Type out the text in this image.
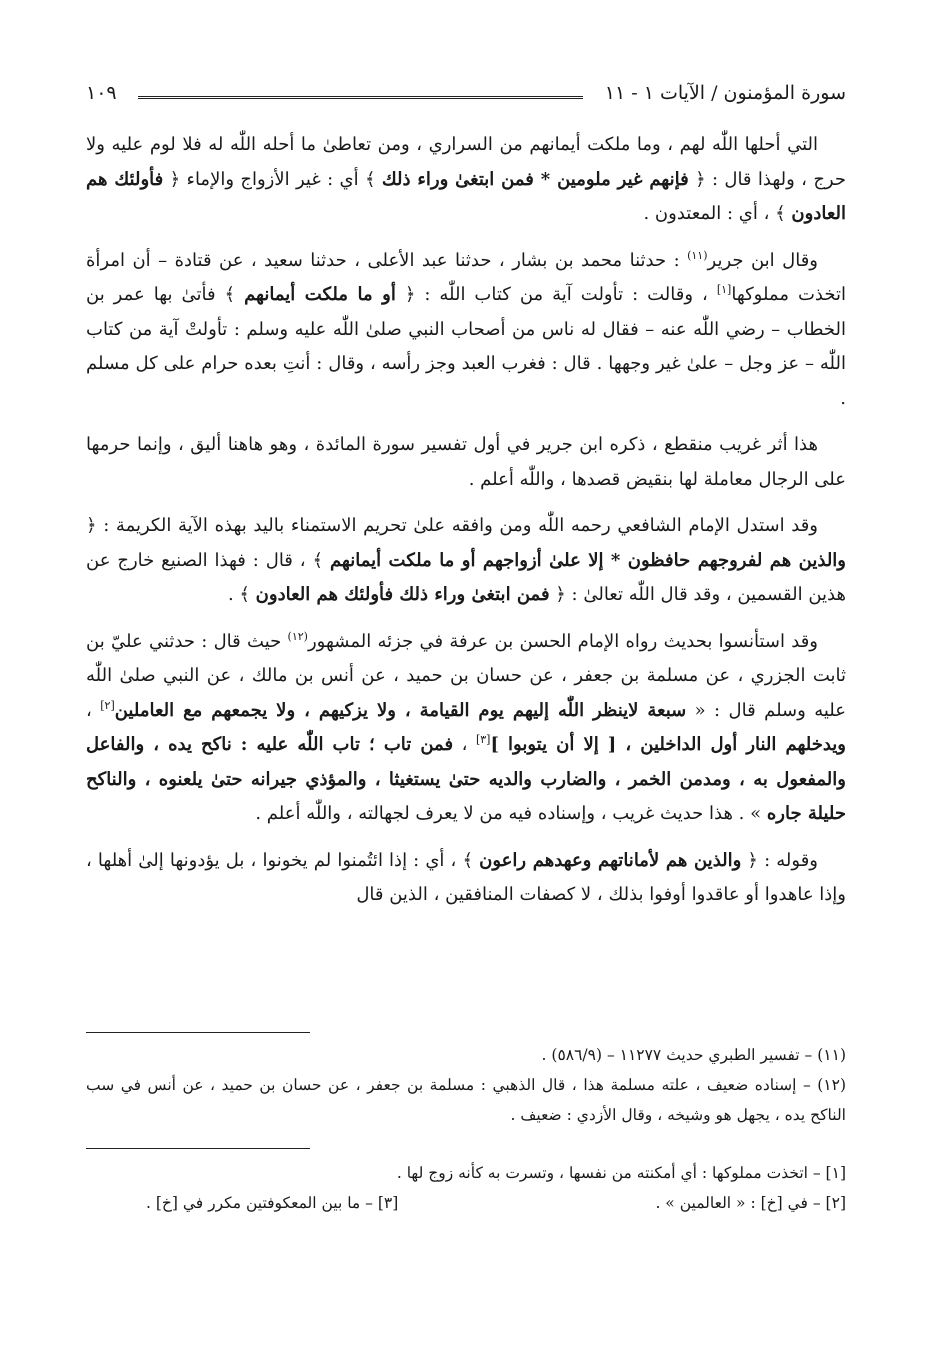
سورة المؤمنون / الآيات ١ - ١١
١٠٩

التي أحلها اللّٰه لهم ، وما ملكت أيمانهم من السراري ، ومن تعاطىٰ ما أحله اللّٰه له فلا لوم عليه ولا حرج ، ولهذا قال : ﴿ فإنهم غير ملومين * فمن ابتغىٰ وراء ذلك ﴾ أي : غير الأزواج والإماء ﴿ فأولئك هم العادون ﴾ ، أي : المعتدون .

وقال ابن جرير$^{(١١)}$ : حدثنا محمد بن بشار ، حدثنا عبد الأعلى ، حدثنا سعيد ، عن قتادة – أن امرأة اتخذت مملوكها[١] ، وقالت : تأولت آية من كتاب اللّٰه : ﴿ أو ما ملكت أيمانهم ﴾ فأتىٰ بها عمر بن الخطاب – رضي اللّٰه عنه – فقال له ناس من أصحاب النبي صلىٰ اللّٰه عليه وسلم : تأولتْ آية من كتاب اللّٰه – عز وجل – علىٰ غير وجهها . قال : فغرب العبد وجز رأسه ، وقال : أنتِ بعده حرام على كل مسلم .

هذا أثر غريب منقطع ، ذكره ابن جرير في أول تفسير سورة المائدة ، وهو هاهنا أليق ، وإنما حرمها على الرجال معاملة لها بنقيض قصدها ، واللّٰه أعلم .

وقد استدل الإمام الشافعي رحمه اللّٰه ومن وافقه علىٰ تحريم الاستمناء باليد بهذه الآية الكريمة : ﴿ والذين هم لفروجهم حافظون * إلا علىٰ أزواجهم أو ما ملكت أيمانهم ﴾ ، قال : فهذا الصنيع خارج عن هذين القسمين ، وقد قال اللّٰه تعالىٰ : ﴿ فمن ابتغىٰ وراء ذلك فأولئك هم العادون ﴾ .

وقد استأنسوا بحديث رواه الإمام الحسن بن عرفة في جزئه المشهور$^{(١٢)}$ حيث قال : حدثني عليّ بن ثابت الجزري ، عن مسلمة بن جعفر ، عن حسان بن حميد ، عن أنس بن مالك ، عن النبي صلىٰ اللّٰه عليه وسلم قال : « سبعة لاينظر اللّٰه إليهم يوم القيامة ، ولا يزكيهم ، ولا يجمعهم مع العاملين[٢] ، ويدخلهم النار أول الداخلين ، [ إلا أن يتوبوا ][٣] ، فمن تاب ؛ تاب اللّٰه عليه : ناكح يده ، والفاعل والمفعول به ، ومدمن الخمر ، والضارب والديه حتىٰ يستغيثا ، والمؤذي جيرانه حتىٰ يلعنوه ، والناكح حليلة جاره » . هذا حديث غريب ، وإسناده فيه من لا يعرف لجهالته ، واللّٰه أعلم .

وقوله : ﴿ والذين هم لأماناتهم وعهدهم راعون ﴾ ، أي : إذا ائتُمنوا لم يخونوا ، بل يؤدونها إلىٰ أهلها ، وإذا عاهدوا أو عاقدوا أوفوا بذلك ، لا كصفات المنافقين ، الذين قال

(١١) – تفسير الطبري حديث ١١٢٧٧ – (٥٨٦/٩) .

(١٢) – إسناده ضعيف ، علته مسلمة هذا ، قال الذهبي : مسلمة بن جعفر ، عن حسان بن حميد ، عن أنس في سب الناكح يده ، يجهل هو وشيخه ، وقال الأزدي : ضعيف .

[١] – اتخذت مملوكها : أي أمكنته من نفسها ، وتسرت به كأنه زوج لها .

[٢] – في [خ] : « العالمين » .
[٣] – ما بين المعكوفتين مكرر في [خ] .
